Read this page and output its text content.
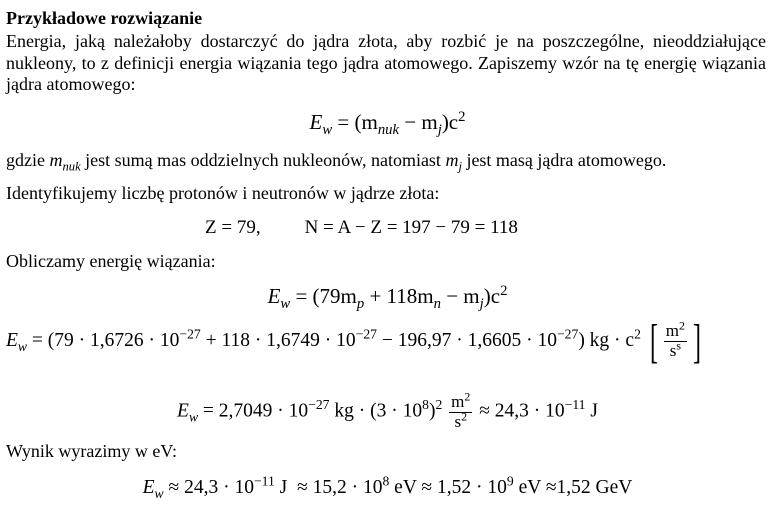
Przykładowe rozwiązanie

Energia, jaką należałoby dostarczyć do jądra złota, aby rozbić je na poszczególne, nieoddziałujące nukleony, to z definicji energia wiązania tego jądra atomowego. Zapiszemy wzór na tę energię wiązania jądra atomowego:

$E_w = (m_{nuk} - m_j)c^2$
gdzie $m_{nuk}$ jest sumą mas oddzielnych nukleonów, natomiast $m_j$ jest masą jądra atomowego.
Identyfikujemy liczbę protonów i neutronów w jądrze złota:
Z = 79, N = A − Z = 197 − 79 = 118
Obliczamy energię wiązania:
$E_w = (79m_p + 118m_n - m_j)c^2$
$E_w = (79 \cdot 1,6726 \cdot 10^{-27} + 118 \cdot 1,6749 \cdot 10^{-27} - 196,97 \cdot 1,6605 \cdot 10^{-27})$ kg · $c^2$ [ $\frac{m^2}{s^s}$ ]
$E_w = 2,7049 \cdot 10^{-27}$ kg · $(3 \cdot 10^8)^2 \frac{m^2}{s^2} \approx 24,3 \cdot 10^{-11}$ J
Wynik wyrazimy w eV:
$E_w \approx 24,3 \cdot 10^{-11}$ $J \approx 15,2 \cdot 10^8$ eV ≈ $1,52 \cdot 10^9$ eV ≈1,52 GeV
